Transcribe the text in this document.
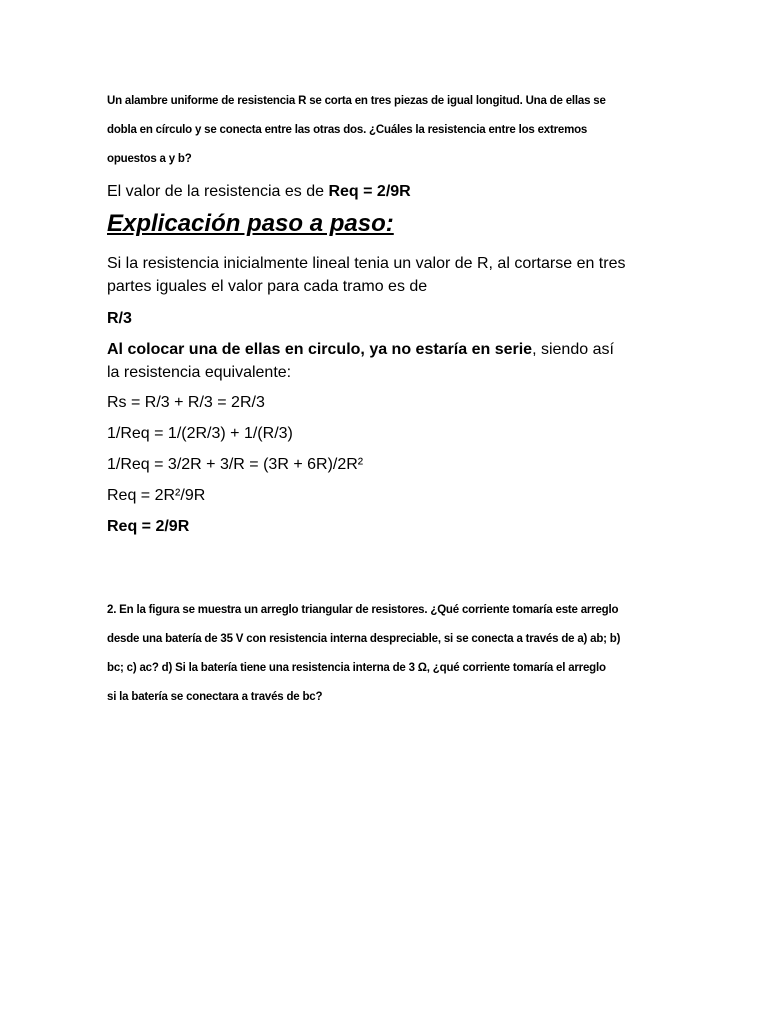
Un alambre uniforme de resistencia R se corta en tres piezas de igual longitud. Una de ellas se
dobla en círculo y se conecta entre las otras dos. ¿Cuáles la resistencia entre los extremos
opuestos a y b?

El valor de la resistencia es de Req = 2/9R

Explicación paso a paso:

Si la resistencia inicialmente lineal tenia un valor de R, al cortarse en tres

partes iguales el valor para cada tramo es de

R/3

Al colocar una de ellas en circulo, ya no estaría en serie, siendo así

la resistencia equivalente:

Rs = R/3 + R/3 = 2R/3

1/Req = 1/(2R/3) + 1/(R/3)

1/Req = 3/2R + 3/R = (3R + 6R)/2R²

Req = 2R²/9R

Req = 2/9R

2. En la figura se muestra un arreglo triangular de resistores. ¿Qué corriente tomaría este arreglo
desde una batería de 35 V con resistencia interna despreciable, si se conecta a través de a) ab; b)
bc; c) ac? d) Si la batería tiene una resistencia interna de 3 Ω, ¿qué corriente tomaría el arreglo
si la batería se conectara a través de bc?
